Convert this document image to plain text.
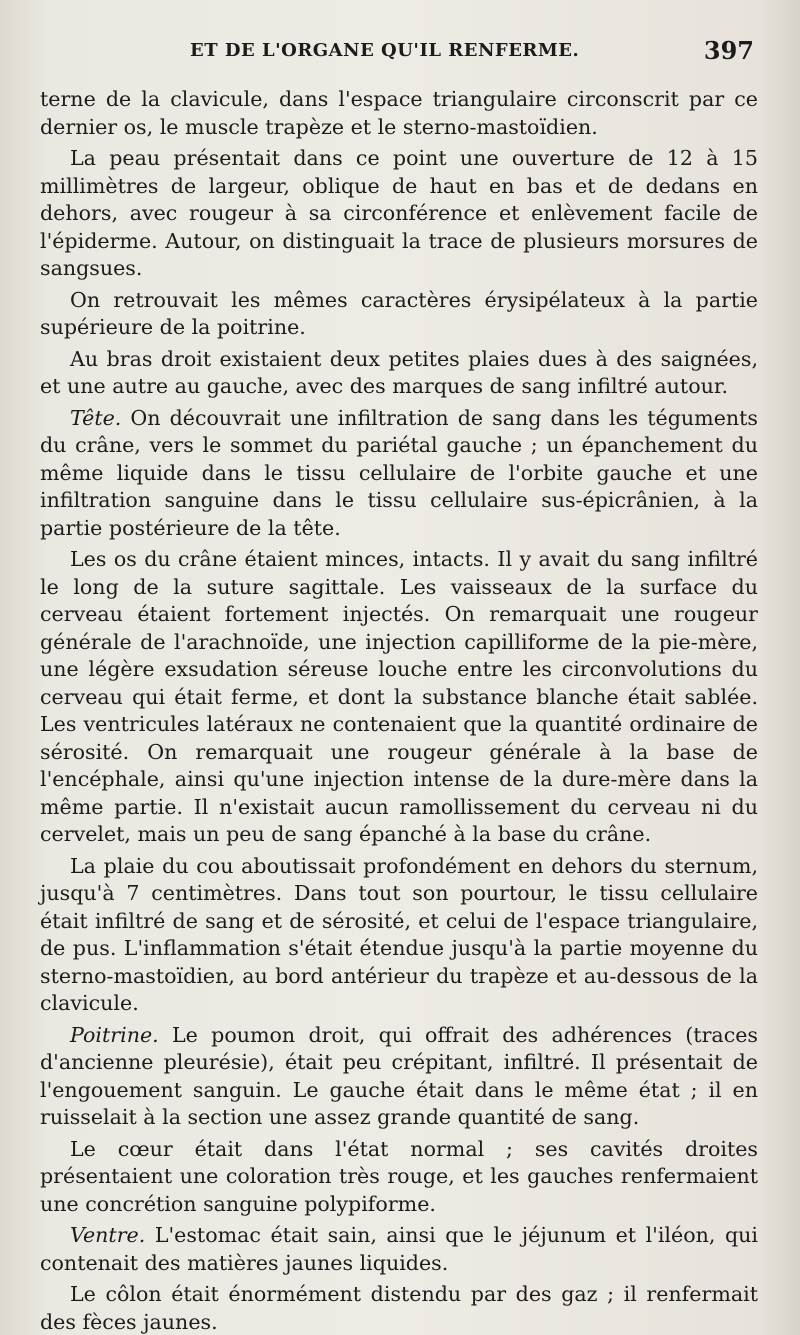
ET DE L'ORGANE QU'IL RENFERME.	397

terne de la clavicule, dans l'espace triangulaire circonscrit par ce dernier os, le muscle trapèze et le sterno-mastoïdien.

La peau présentait dans ce point une ouverture de 12 à 15 millimètres de largeur, oblique de haut en bas et de dedans en dehors, avec rougeur à sa circonférence et enlèvement facile de l'épiderme. Autour, on distinguait la trace de plusieurs morsures de sangsues.

On retrouvait les mêmes caractères érysipélateux à la partie supérieure de la poitrine.

Au bras droit existaient deux petites plaies dues à des saignées, et une autre au gauche, avec des marques de sang infiltré autour.

Tête. On découvrait une infiltration de sang dans les téguments du crâne, vers le sommet du pariétal gauche ; un épanchement du même liquide dans le tissu cellulaire de l'orbite gauche et une infiltration sanguine dans le tissu cellulaire sus-épicrânien, à la partie postérieure de la tête.

Les os du crâne étaient minces, intacts. Il y avait du sang infiltré le long de la suture sagittale. Les vaisseaux de la surface du cerveau étaient fortement injectés. On remarquait une rougeur générale de l'arachnoïde, une injection capilliforme de la pie-mère, une légère exsudation séreuse louche entre les circonvolutions du cerveau qui était ferme, et dont la substance blanche était sablée. Les ventricules latéraux ne contenaient que la quantité ordinaire de sérosité. On remarquait une rougeur générale à la base de l'encéphale, ainsi qu'une injection intense de la dure-mère dans la même partie. Il n'existait aucun ramollissement du cerveau ni du cervelet, mais un peu de sang épanché à la base du crâne.

La plaie du cou aboutissait profondément en dehors du sternum, jusqu'à 7 centimètres. Dans tout son pourtour, le tissu cellulaire était infiltré de sang et de sérosité, et celui de l'espace triangulaire, de pus. L'inflammation s'était étendue jusqu'à la partie moyenne du sterno-mastoïdien, au bord antérieur du trapèze et au-dessous de la clavicule.

Poitrine. Le poumon droit, qui offrait des adhérences (traces d'ancienne pleurésie), était peu crépitant, infiltré. Il présentait de l'engouement sanguin. Le gauche était dans le même état ; il en ruisselait à la section une assez grande quantité de sang.

Le cœur était dans l'état normal ; ses cavités droites présentaient une coloration très rouge, et les gauches renfermaient une concrétion sanguine polypiforme.

Ventre. L'estomac était sain, ainsi que le jéjunum et l'iléon, qui contenait des matières jaunes liquides.

Le côlon était énormément distendu par des gaz ; il renfermait des fèces jaunes.
